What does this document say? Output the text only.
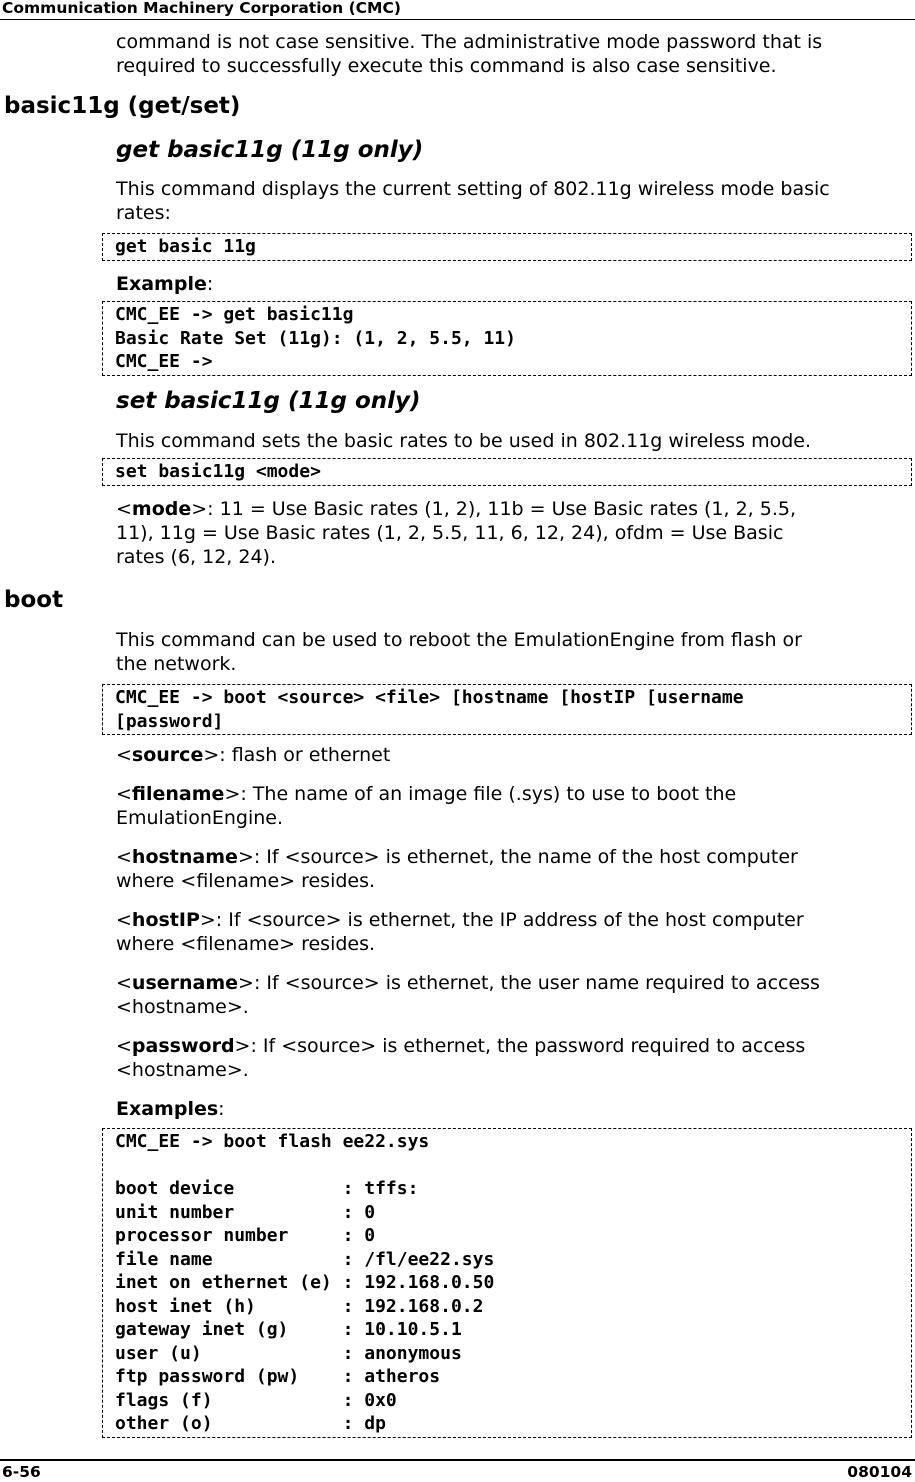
Communication Machinery Corporation (CMC)
command is not case sensitive. The administrative mode password that is
required to successfully execute this command is also case sensitive.
basic11g (get/set)
get basic11g (11g only)
This command displays the current setting of 802.11g wireless mode basic
rates:
get basic 11g
Example:
CMC_EE -> get basic11g
Basic Rate Set (11g): (1, 2, 5.5, 11)
CMC_EE ->
set basic11g (11g only)
This command sets the basic rates to be used in 802.11g wireless mode.
set basic11g <mode>
<mode>: 11 = Use Basic rates (1, 2), 11b = Use Basic rates (1, 2, 5.5,
11), 11g = Use Basic rates (1, 2, 5.5, 11, 6, 12, 24), ofdm = Use Basic
rates (6, 12, 24).
boot
This command can be used to reboot the EmulationEngine from flash or
the network.
CMC_EE -> boot <source> <file> [hostname [hostIP [username
[password]
<source>: flash or ethernet
<filename>: The name of an image file (.sys) to use to boot the
EmulationEngine.
<hostname>: If <source> is ethernet, the name of the host computer
where <filename> resides.
<hostIP>: If <source> is ethernet, the IP address of the host computer
where <filename> resides.
<username>: If <source> is ethernet, the user name required to access
<hostname>.
<password>: If <source> is ethernet, the password required to access
<hostname>.
Examples:
CMC_EE -> boot flash ee22.sys

boot device          : tffs:
unit number          : 0
processor number     : 0
file name            : /fl/ee22.sys
inet on ethernet (e) : 192.168.0.50
host inet (h)        : 192.168.0.2
gateway inet (g)     : 10.10.5.1
user (u)             : anonymous
ftp password (pw)    : atheros
flags (f)            : 0x0
other (o)            : dp
6-56	080104
